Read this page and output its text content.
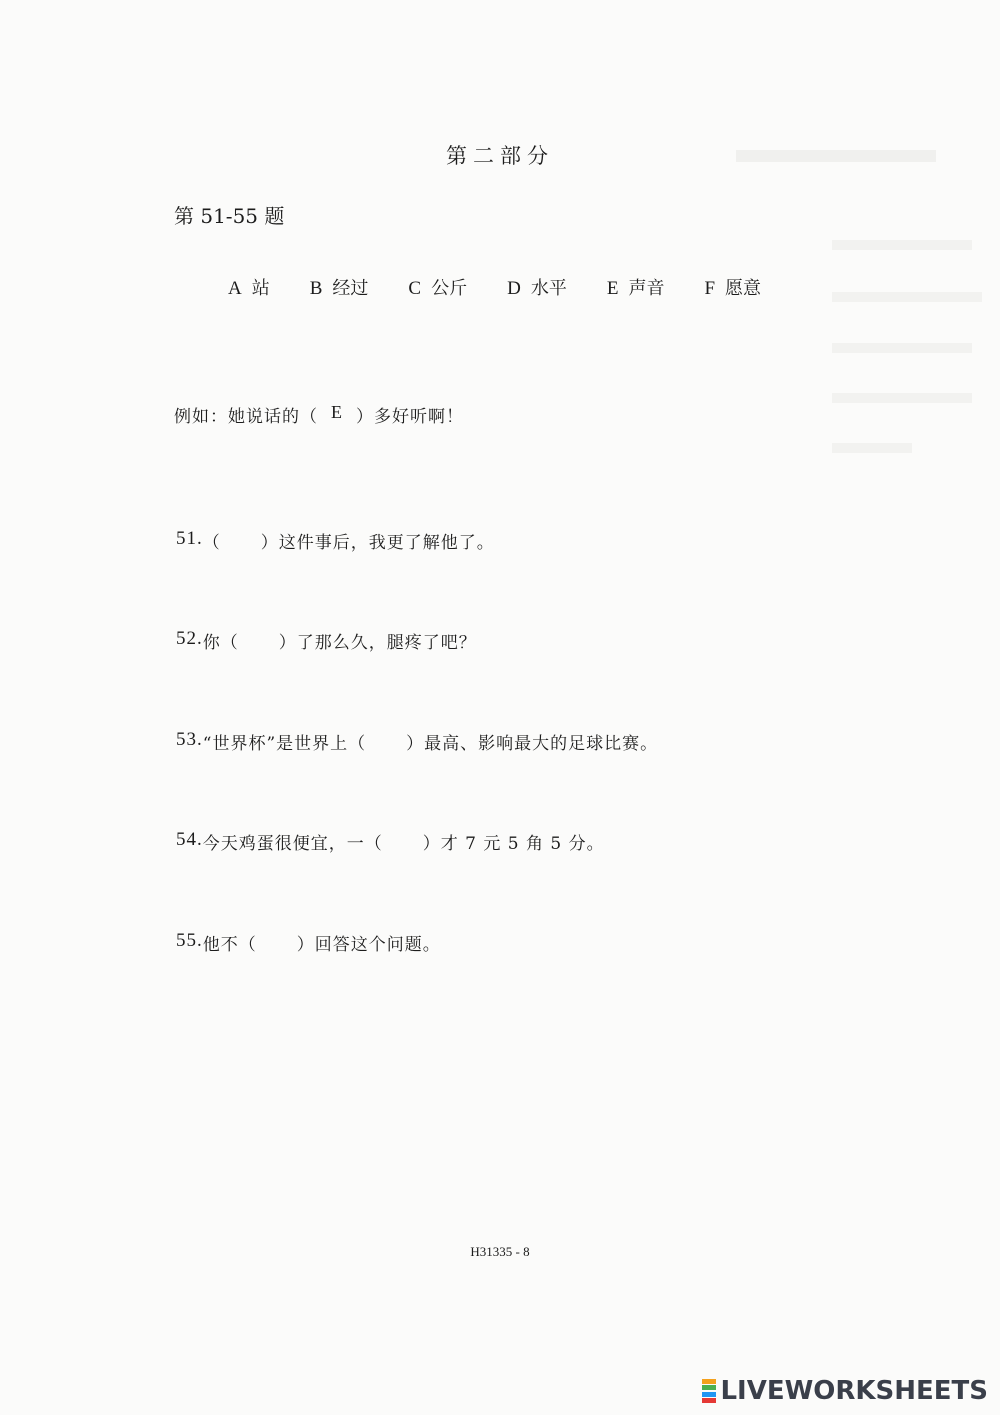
第二部分
第 51-55 题
A 站 B 经过 C 公斤 D 水平 E 声音 F 愿意
例如：她说话的（ E ）多好听啊！
51. （ ）这件事后，我更了解他了。
52. 你（ ）了那么久，腿疼了吧？
53. “世界杯”是世界上（ ）最高、影响最大的足球比赛。
54. 今天鸡蛋很便宜，一（ ）才 7 元 5 角 5 分。
55. 他不（ ）回答这个问题。
H31335 - 8
LIVEWORKSHEETS
